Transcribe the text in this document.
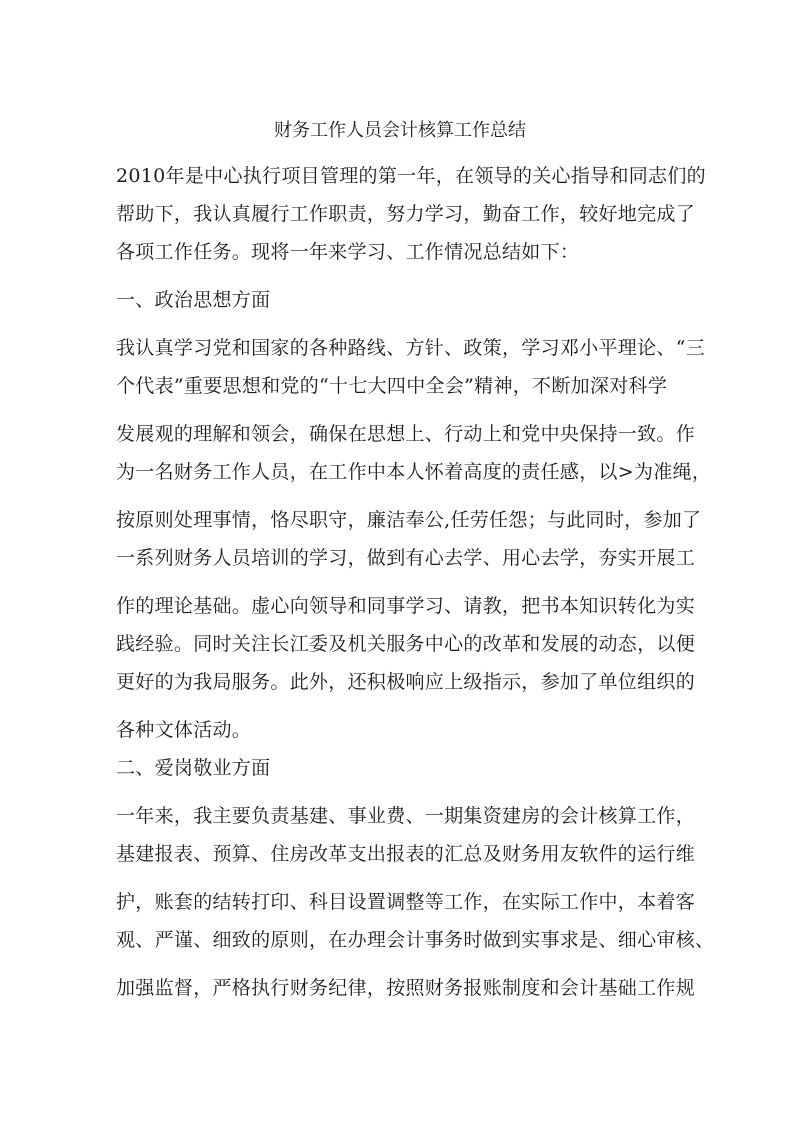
财务工作人员会计核算工作总结
2010年是中心执行项目管理的第一年，在领导的关心指导和同志们的
帮助下，我认真履行工作职责，努力学习，勤奋工作，较好地完成了
各项工作任务。现将一年来学习、工作情况总结如下：
一、政治思想方面
我认真学习党和国家的各种路线、方针、政策，学习邓小平理论、“三
个代表”重要思想和党的“十七大四中全会”精神，不断加深对科学
发展观的理解和领会，确保在思想上、行动上和党中央保持一致。作
为一名财务工作人员，在工作中本人怀着高度的责任感，以>为准绳，
按原则处理事情，恪尽职守，廉洁奉公,任劳任怨；与此同时，参加了
一系列财务人员培训的学习，做到有心去学、用心去学，夯实开展工
作的理论基础。虚心向领导和同事学习、请教，把书本知识转化为实
践经验。同时关注长江委及机关服务中心的改革和发展的动态，以便
更好的为我局服务。此外，还积极响应上级指示，参加了单位组织的
各种文体活动。
二、爱岗敬业方面
一年来，我主要负责基建、事业费、一期集资建房的会计核算工作，
基建报表、预算、住房改革支出报表的汇总及财务用友软件的运行维
护，账套的结转打印、科目设置调整等工作，在实际工作中，本着客
观、严谨、细致的原则，在办理会计事务时做到实事求是、细心审核、
加强监督，严格执行财务纪律，按照财务报账制度和会计基础工作规
